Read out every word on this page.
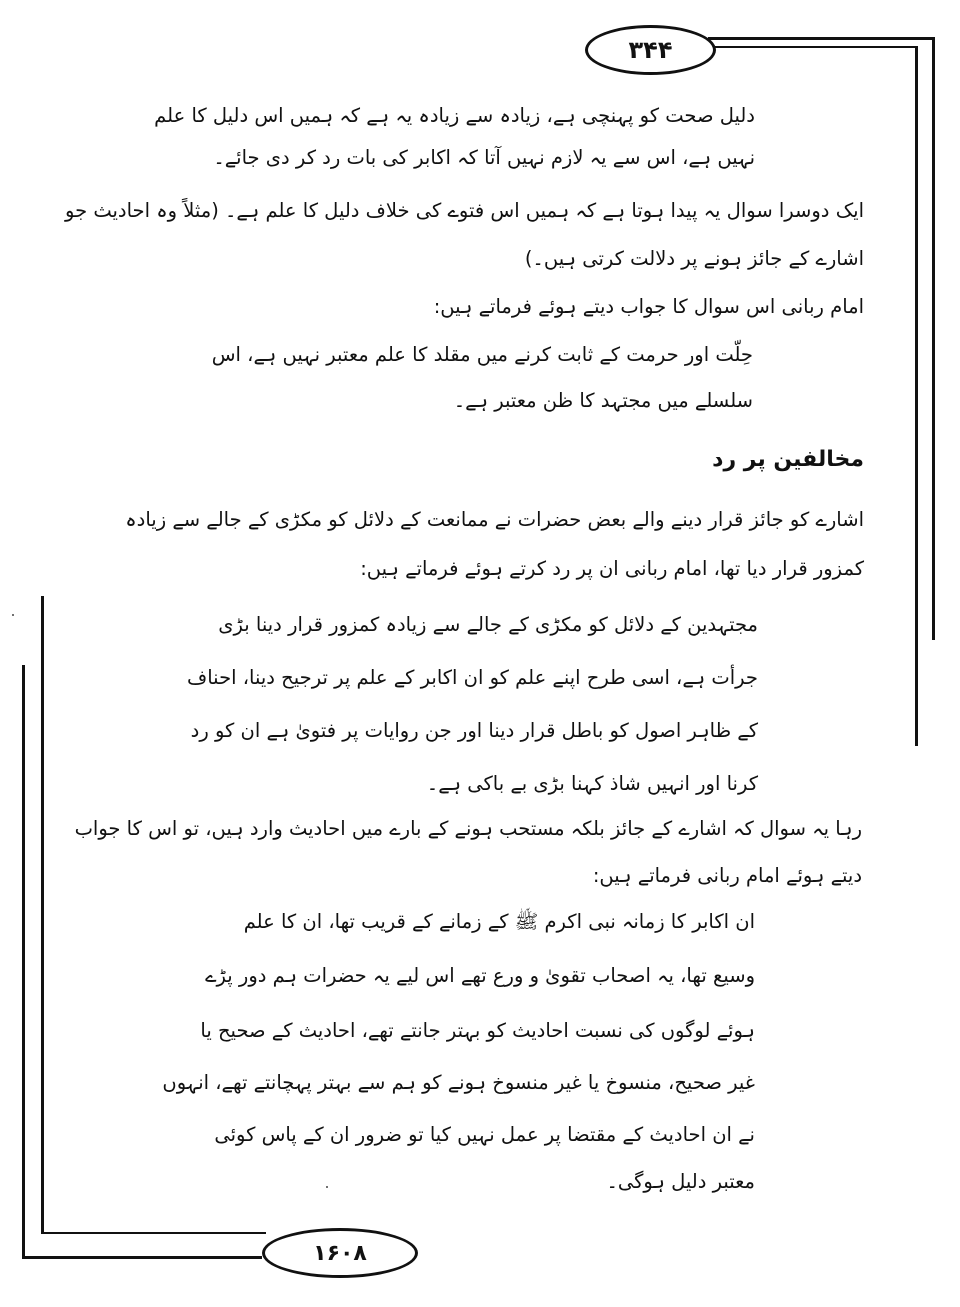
۳۴۴
۱۶۰۸
دلیل صحت کو پہنچی ہے، زیادہ سے زیادہ یہ ہے کہ ہمیں اس دلیل کا علم
نہیں ہے، اس سے یہ لازم نہیں آتا کہ اکابر کی بات رد کر دی جائے۔
ایک دوسرا سوال یہ پیدا ہوتا ہے کہ ہمیں اس فتوے کی خلاف دلیل کا علم ہے۔ (مثلاً وہ احادیث جو
اشارے کے جائز ہونے پر دلالت کرتی ہیں۔)
امام ربانی اس سوال کا جواب دیتے ہوئے فرماتے ہیں:
حِلّت اور حرمت کے ثابت کرنے میں مقلد کا علم معتبر نہیں ہے، اس
سلسلے میں مجتہد کا ظن معتبر ہے۔
مخالفین پر رد
اشارے کو جائز قرار دینے والے بعض حضرات نے ممانعت کے دلائل کو مکڑی کے جالے سے زیادہ
کمزور قرار دیا تھا، امام ربانی ان پر رد کرتے ہوئے فرماتے ہیں:
مجتہدین کے دلائل کو مکڑی کے جالے سے زیادہ کمزور قرار دینا بڑی
جرأت ہے، اسی طرح اپنے علم کو ان اکابر کے علم پر ترجیح دینا، احناف
کے ظاہر اصول کو باطل قرار دینا اور جن روایات پر فتویٰ ہے ان کو رد
کرنا اور انہیں شاذ کہنا بڑی بے باکی ہے۔
رہا یہ سوال کہ اشارے کے جائز بلکہ مستحب ہونے کے بارے میں احادیث وارد ہیں، تو اس کا جواب
دیتے ہوئے امام ربانی فرماتے ہیں:
ان اکابر کا زمانہ نبی اکرم ﷺ کے زمانے کے قریب تھا، ان کا علم
وسیع تھا، یہ اصحاب تقویٰ و ورع تھے اس لیے یہ حضرات ہم دور پڑے
ہوئے لوگوں کی نسبت احادیث کو بہتر جانتے تھے، احادیث کے صحیح یا
غیر صحیح، منسوخ یا غیر منسوخ ہونے کو ہم سے بہتر پہچانتے تھے، انہوں
نے ان احادیث کے مقتضا پر عمل نہیں کیا تو ضرور ان کے پاس کوئی
معتبر دلیل ہوگی۔
